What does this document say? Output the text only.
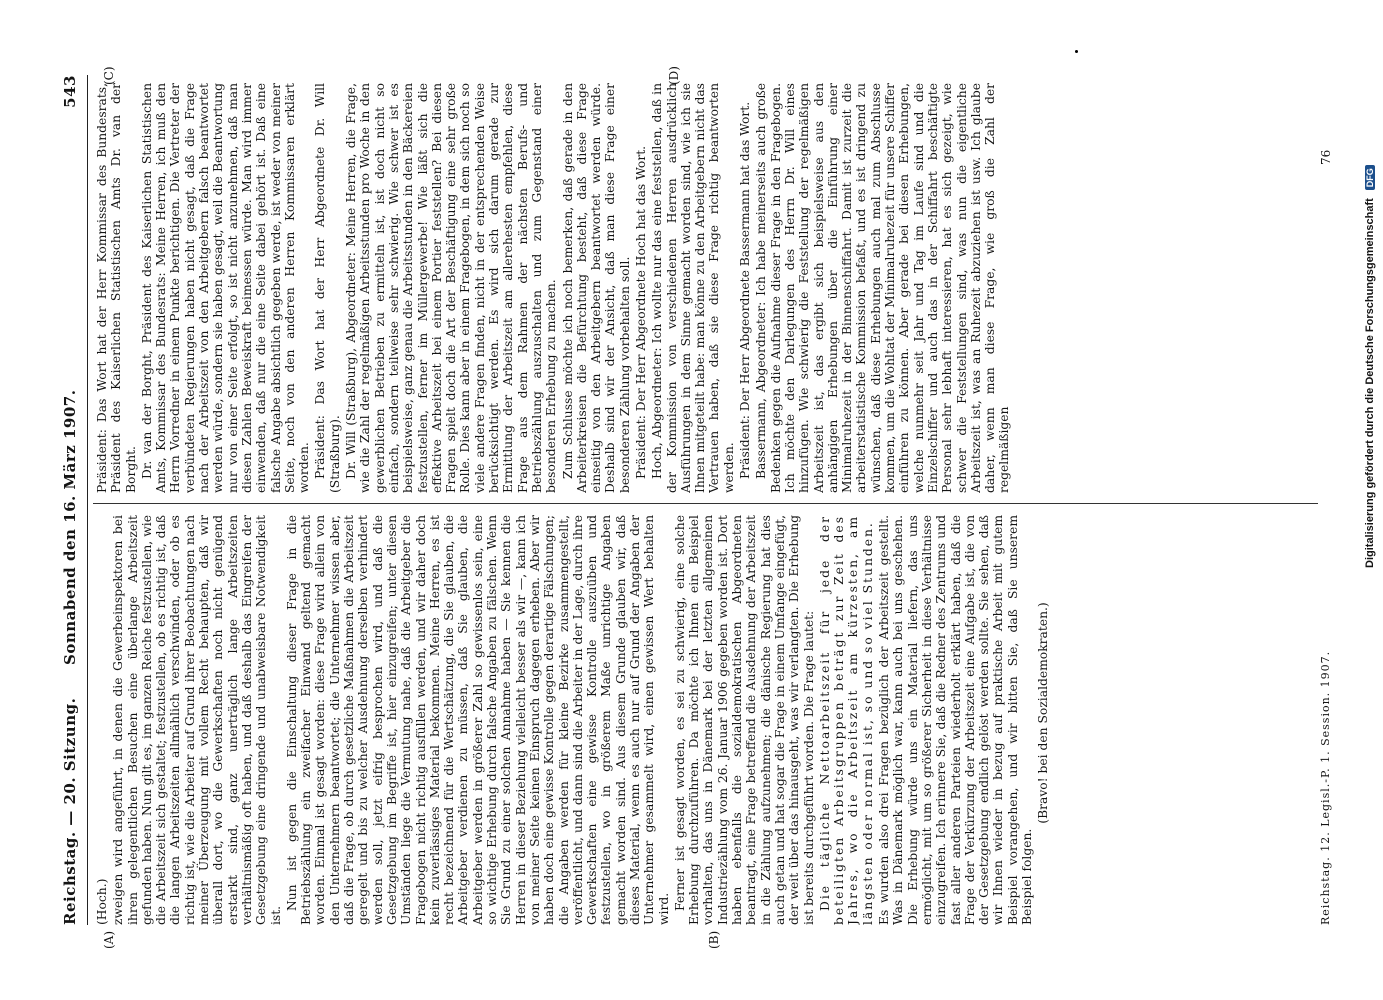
Reichstag. — 20. Sitzung.
Sonnabend den 16. März 1907.
543
(A)	(B)
(C)	(D)

(Hoch.) zweigen wird angeführt, in denen die Gewerbeinspektoren bei ihren gelegentlichen Besuchen eine überlange Arbeitszeit gefunden haben. Nun gilt es, im ganzen Reiche festzustellen, wie die Arbeitszeit sich gestaltet; festzustellen, ob es richtig ist, daß die langen Arbeitszeiten allmählich verschwinden, oder ob es richtig ist, wie die Arbeiter auf Grund ihrer Beobachtungen nach meiner Überzeugung mit vollem Recht behaupten, daß wir überall dort, wo die Gewerkschaften noch nicht genügend erstarkt sind, ganz unerträglich lange Arbeitszeiten verhältnismäßig oft haben, und daß deshalb das Eingreifen der Gesetzgebung eine dringende und unabweisbare Notwendigkeit ist.

Nun ist gegen die Einschaltung dieser Frage in die Betriebszählung ein zweifacher Einwand geltend gemacht worden. Einmal ist gesagt worden: diese Frage wird allein von den Unternehmern beantwortet; die Unternehmer wissen aber, daß die Frage, ob durch gesetzliche Maßnahmen die Arbeitszeit geregelt und bis zu welcher Ausdehnung derselben verhindert werden soll, jetzt eifrig besprochen wird, und daß die Gesetzgebung im Begriffe ist, hier einzugreifen; unter diesen Umständen liege die Vermutung nahe, daß die Arbeitgeber die Fragebogen nicht richtig ausfüllen werden, und wir daher doch kein zuverlässiges Material bekommen. Meine Herren, es ist recht bezeichnend für die Wertschätzung, die Sie glauben, die Arbeitgeber verdienen zu müssen, daß Sie glauben, die Arbeitgeber werden in größerer Zahl so gewissenlos sein, eine so wichtige Erhebung durch falsche Angaben zu fälschen. Wenn Sie Grund zu einer solchen Annahme haben — Sie kennen die Herren in dieser Beziehung vielleicht besser als wir —, kann ich von meiner Seite keinen Einspruch dagegen erheben. Aber wir haben doch eine gewisse Kontrolle gegen derartige Fälschungen; die Angaben werden für kleine Bezirke zusammengestellt, veröffentlicht, und dann sind die Arbeiter in der Lage, durch ihre Gewerkschaften eine gewisse Kontrolle auszuüben und festzustellen, wo in größerem Maße unrichtige Angaben gemacht worden sind. Aus diesem Grunde glauben wir, daß dieses Material, wenn es auch nur auf Grund der Angaben der Unternehmer gesammelt wird, einen gewissen Wert behalten wird. Ferner ist gesagt worden, es sei zu schwierig, eine solche Erhebung durchzuführen. Da möchte ich Ihnen ein Beispiel vorhalten, das uns in Dänemark bei der letzten allgemeinen Industriezählung vom 26. Januar 1906 gegeben worden ist. Dort haben ebenfalls die sozialdemokratischen Abgeordneten beantragt, eine Frage betreffend die Ausdehnung der Arbeitszeit in die Zählung aufzunehmen; die dänische Regierung hat dies auch getan und hat sogar die Frage in einem Umfange eingefügt, der weit über das hinausgeht, was wir verlangten. Die Erhebung ist bereits durchgeführt worden. Die Frage lautet: Die tägliche Nettoarbeitszeit für jede der beteiligten Arbeitsgruppen beträgt zur Zeit des Jahres, wo die Arbeitszeit am kürzesten, am längsten oder normal ist, so und so viel Stunden. Es wurden also drei Fragen bezüglich der Arbeitszeit gestellt. Was in Dänemark möglich war, kann auch bei uns geschehen. Die Erhebung würde uns ein Material liefern, das uns ermöglicht, mit um so größerer Sicherheit in diese Verhältnisse einzugreifen. Ich erinnere Sie, daß die Redner des Zentrums und fast aller anderen Parteien wiederholt erklärt haben, daß die Frage der Verkürzung der Arbeitszeit eine Aufgabe ist, die von der Gesetzgebung endlich gelöst werden sollte. Sie sehen, daß wir Ihnen wieder in bezug auf praktische Arbeit mit gutem Beispiel vorangehen, und wir bitten Sie, daß Sie unserem Beispiel folgen.

(Bravo! bei den Sozialdemokraten.)

Präsident: Das Wort hat der Herr Kommissar des Bundesrats, Präsident des Kaiserlichen Statistischen Amts Dr. van der Borght. Dr. van der Borght, Präsident des Kaiserlichen Statistischen Amts, Kommissar des Bundesrats: Meine Herren, ich muß den Herrn Vorredner in einem Punkte berichtigen. Die Vertreter der verbündeten Regierungen haben nicht gesagt, daß die Frage nach der Arbeitszeit von den Arbeitgebern falsch beantwortet werden würde, sondern sie haben gesagt, weil die Beantwortung nur von einer Seite erfolgt, so ist nicht anzunehmen, daß man diesen Zahlen Beweiskraft beimessen würde. Man wird immer einwenden, daß nur die eine Seite dabei gehört ist. Daß eine falsche Angabe absichtlich gegeben werde, ist weder von meiner Seite, noch von den anderen Herren Kommissaren erklärt worden. Präsident: Das Wort hat der Herr Abgeordnete Dr. Will (Straßburg). Dr. Will (Straßburg), Abgeordneter: Meine Herren, die Frage, wie die Zahl der regelmäßigen Arbeitsstunden pro Woche in den gewerblichen Betrieben zu ermitteln ist, ist doch nicht so einfach, sondern teilweise sehr schwierig. Wie schwer ist es beispielsweise, ganz genau die Arbeitsstunden in den Bäckereien festzustellen, ferner im Müllergewerbe! Wie läßt sich die effektive Arbeitszeit bei einem Portier feststellen? Bei diesen Fragen spielt doch die Art der Beschäftigung eine sehr große Rolle. Dies kann aber in einem Fragebogen, in dem sich noch so viele andere Fragen finden, nicht in der entsprechenden Weise berücksichtigt werden. Es wird sich darum gerade zur Ermittlung der Arbeitszeit am allerehesten empfehlen, diese Frage aus dem Rahmen der nächsten Berufs- und Betriebszählung auszuschalten und zum Gegenstand einer besonderen Erhebung zu machen. Zum Schlusse möchte ich noch bemerken, daß gerade in den Arbeiterkreisen die Befürchtung besteht, daß diese Frage einseitig von den Arbeitgebern beantwortet werden würde. Deshalb sind wir der Ansicht, daß man diese Frage einer besonderen Zählung vorbehalten soll. Präsident: Der Herr Abgeordnete Hoch hat das Wort. Hoch, Abgeordneter: Ich wollte nur das eine feststellen, daß in der Kommission von verschiedenen Herren ausdrücklich Ausführungen in dem Sinne gemacht worden sind, wie ich sie Ihnen mitgeteilt habe: man könne zu den Arbeitgebern nicht das Vertrauen haben, daß sie diese Frage richtig beantworten werden. Präsident: Der Herr Abgeordnete Bassermann hat das Wort. Bassermann, Abgeordneter: Ich habe meinerseits auch große Bedenken gegen die Aufnahme dieser Frage in den Fragebogen. Ich möchte den Darlegungen des Herrn Dr. Will eines hinzufügen. Wie schwierig die Feststellung der regelmäßigen Arbeitszeit ist, das ergibt sich beispielsweise aus den anhängigen Erhebungen über die Einführung einer Minimalruhezeit in der Binnenschiffahrt. Damit ist zurzeit die arbeiterstatistische Kommission befaßt, und es ist dringend zu wünschen, daß diese Erhebungen auch mal zum Abschlusse kommen, um die Wohltat der Minimalruhezeit für unsere Schiffer einführen zu können. Aber gerade bei diesen Erhebungen, welche nunmehr seit Jahr und Tag im Laufe sind und die Einzelschiffer und auch das in der Schiffahrt beschäftigte Personal sehr lebhaft interessieren, hat es sich gezeigt, wie schwer die Feststellungen sind, was nun die eigentliche Arbeitszeit ist, was an Ruhezeit abzuziehen ist usw. Ich glaube daher, wenn man diese Frage, wie groß die Zahl der regelmäßigen

Reichstag. 12. Legisl.-P. 1. Session. 1907.
76
Digitalisierung gefördert durch die Deutsche Forschungsgemeinschaft
DFG
